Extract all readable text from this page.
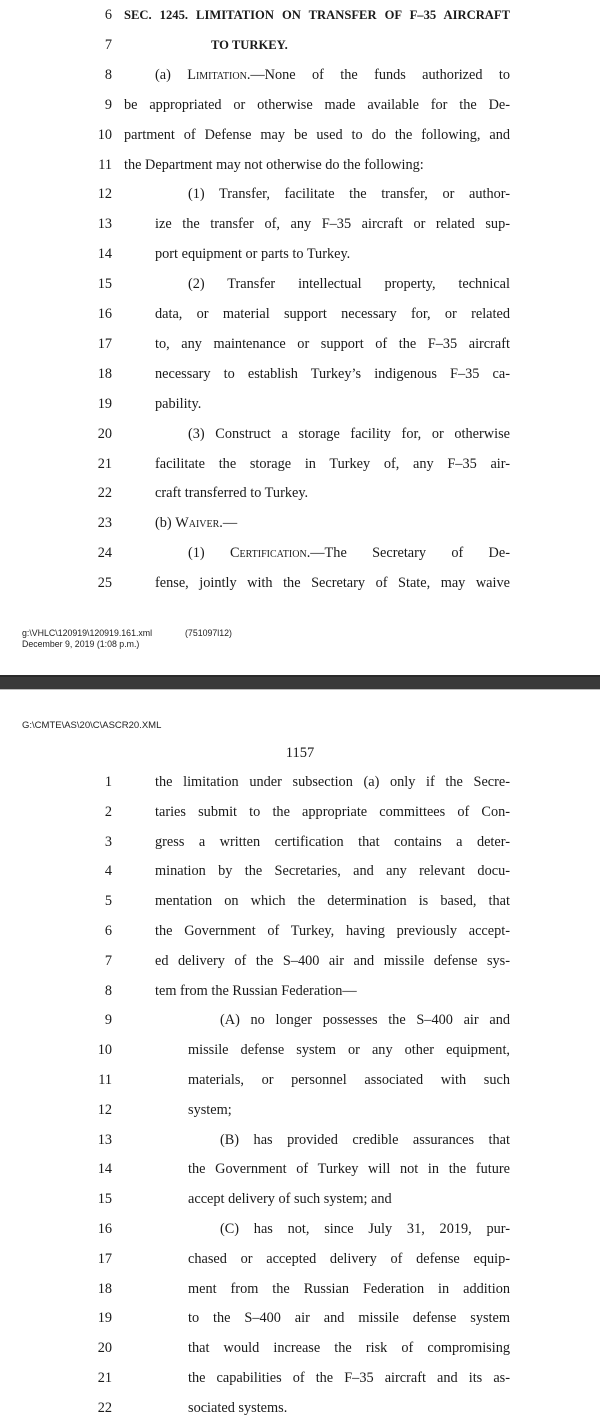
6 SEC. 1245. LIMITATION ON TRANSFER OF F–35 AIRCRAFT
7	TO TURKEY.
8	(a) Limitation.—None of the funds authorized to
9 be appropriated or otherwise made available for the De-
10 partment of Defense may be used to do the following, and
11 the Department may not otherwise do the following:
12	(1) Transfer, facilitate the transfer, or author-
13	ize the transfer of, any F–35 aircraft or related sup-
14	port equipment or parts to Turkey.
15	(2) Transfer intellectual property, technical
16	data, or material support necessary for, or related
17	to, any maintenance or support of the F–35 aircraft
18	necessary to establish Turkey’s indigenous F–35 ca-
19	pability.
20	(3) Construct a storage facility for, or otherwise
21	facilitate the storage in Turkey of, any F–35 air-
22	craft transferred to Turkey.
23	(b) Waiver.—
24	(1) Certification.—The Secretary of De-
25	fense, jointly with the Secretary of State, may waive
g:\VHLC\120919\120919.161.xml	(751097l12)
December 9, 2019 (1:08 p.m.)
G:\CMTE\AS\20\C\ASCR20.XML
1157
1	the limitation under subsection (a) only if the Secre-
2	taries submit to the appropriate committees of Con-
3	gress a written certification that contains a deter-
4	mination by the Secretaries, and any relevant docu-
5	mentation on which the determination is based, that
6	the Government of Turkey, having previously accept-
7	ed delivery of the S–400 air and missile defense sys-
8	tem from the Russian Federation—
9	(A) no longer possesses the S–400 air and
10	missile defense system or any other equipment,
11	materials, or personnel associated with such
12	system;
13	(B) has provided credible assurances that
14	the Government of Turkey will not in the future
15	accept delivery of such system; and
16	(C) has not, since July 31, 2019, pur-
17	chased or accepted delivery of defense equip-
18	ment from the Russian Federation in addition
19	to the S–400 air and missile defense system
20	that would increase the risk of compromising
21	the capabilities of the F–35 aircraft and its as-
22	sociated systems.
